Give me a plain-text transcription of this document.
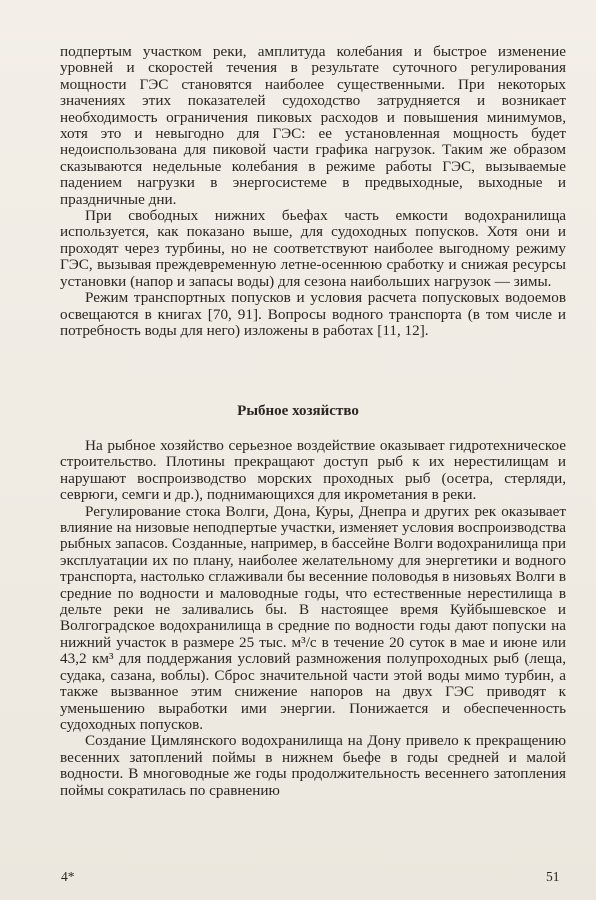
подпертым участком реки, амплитуда колебания и быстрое изменение уровней и скоростей течения в результате суточного регулирования мощности ГЭС становятся наиболее существенными. При некоторых значениях этих показателей судоходство затрудняется и возникает необходимость ограничения пиковых расходов и повышения минимумов, хотя это и невыгодно для ГЭС: ее установленная мощность будет недоиспользована для пиковой части графика нагрузок. Таким же образом сказываются недельные колебания в режиме работы ГЭС, вызываемые падением нагрузки в энергосистеме в предвыходные, выходные и праздничные дни.

При свободных нижних бьефах часть емкости водохранилища используется, как показано выше, для судоходных попусков. Хотя они и проходят через турбины, но не соответствуют наиболее выгодному режиму ГЭС, вызывая преждевременную летне-осеннюю сработку и снижая ресурсы установки (напор и запасы воды) для сезона наибольших нагрузок — зимы.

Режим транспортных попусков и условия расчета попусковых водоемов освещаются в книгах [70, 91]. Вопросы водного транспорта (в том числе и потребность воды для него) изложены в работах [11, 12].

Рыбное хозяйство

На рыбное хозяйство серьезное воздействие оказывает гидротехническое строительство. Плотины прекращают доступ рыб к их нерестилищам и нарушают воспроизводство морских проходных рыб (осетра, стерляди, севрюги, семги и др.), поднимающихся для икрометания в реки.

Регулирование стока Волги, Дона, Куры, Днепра и других рек оказывает влияние на низовые неподпертые участки, изменяет условия воспроизводства рыбных запасов. Созданные, например, в бассейне Волги водохранилища при эксплуатации их по плану, наиболее желательному для энергетики и водного транспорта, настолько сглаживали бы весенние половодья в низовьях Волги в средние по водности и маловодные годы, что естественные нерестилища в дельте реки не заливались бы. В настоящее время Куйбышевское и Волгоградское водохранилища в средние по водности годы дают попуски на нижний участок в размере 25 тыс. м³/с в течение 20 суток в мае и июне или 43,2 км³ для поддержания условий размножения полупроходных рыб (леща, судака, сазана, воблы). Сброс значительной части этой воды мимо турбин, а также вызванное этим снижение напоров на двух ГЭС приводят к уменьшению выработки ими энергии. Понижается и обеспеченность судоходных попусков.

Создание Цимлянского водохранилища на Дону привело к прекращению весенних затоплений поймы в нижнем бьефе в годы средней и малой водности. В многоводные же годы продолжительность весеннего затопления поймы сократилась по сравнению

4*	51
